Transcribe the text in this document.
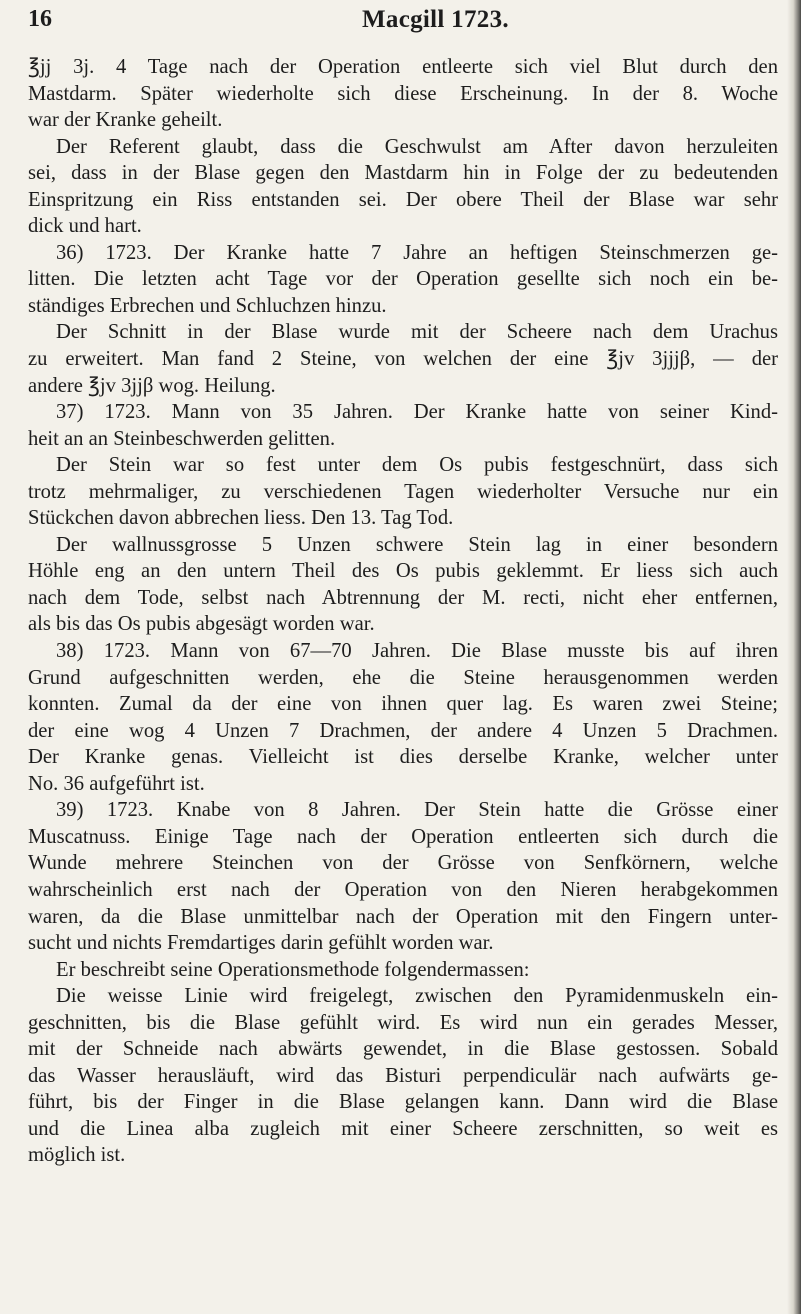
16	Macgill 1723.
℥jj 3j. 4 Tage nach der Operation entleerte sich viel Blut durch den
Mastdarm. Später wiederholte sich diese Erscheinung. In der 8. Woche
war der Kranke geheilt.
Der Referent glaubt, dass die Geschwulst am After davon herzuleiten
sei, dass in der Blase gegen den Mastdarm hin in Folge der zu bedeutenden
Einspritzung ein Riss entstanden sei. Der obere Theil der Blase war sehr
dick und hart.
36) 1723. Der Kranke hatte 7 Jahre an heftigen Steinschmerzen ge-
litten. Die letzten acht Tage vor der Operation gesellte sich noch ein be-
ständiges Erbrechen und Schluchzen hinzu.
Der Schnitt in der Blase wurde mit der Scheere nach dem Urachus
zu erweitert. Man fand 2 Steine, von welchen der eine ℥jv 3jjjβ, — der
andere ℥jv 3jjβ wog. Heilung.
37) 1723. Mann von 35 Jahren. Der Kranke hatte von seiner Kind-
heit an an Steinbeschwerden gelitten.
Der Stein war so fest unter dem Os pubis festgeschnürt, dass sich
trotz mehrmaliger, zu verschiedenen Tagen wiederholter Versuche nur ein
Stückchen davon abbrechen liess. Den 13. Tag Tod.
Der wallnussgrosse 5 Unzen schwere Stein lag in einer besondern
Höhle eng an den untern Theil des Os pubis geklemmt. Er liess sich auch
nach dem Tode, selbst nach Abtrennung der M. recti, nicht eher entfernen,
als bis das Os pubis abgesägt worden war.
38) 1723. Mann von 67—70 Jahren. Die Blase musste bis auf ihren
Grund aufgeschnitten werden, ehe die Steine herausgenommen werden
konnten. Zumal da der eine von ihnen quer lag. Es waren zwei Steine;
der eine wog 4 Unzen 7 Drachmen, der andere 4 Unzen 5 Drachmen.
Der Kranke genas. Vielleicht ist dies derselbe Kranke, welcher unter
No. 36 aufgeführt ist.
39) 1723. Knabe von 8 Jahren. Der Stein hatte die Grösse einer
Muscatnuss. Einige Tage nach der Operation entleerten sich durch die
Wunde mehrere Steinchen von der Grösse von Senfkörnern, welche
wahrscheinlich erst nach der Operation von den Nieren herabgekommen
waren, da die Blase unmittelbar nach der Operation mit den Fingern unter-
sucht und nichts Fremdartiges darin gefühlt worden war.
Er beschreibt seine Operationsmethode folgendermassen:
Die weisse Linie wird freigelegt, zwischen den Pyramidenmuskeln ein-
geschnitten, bis die Blase gefühlt wird. Es wird nun ein gerades Messer,
mit der Schneide nach abwärts gewendet, in die Blase gestossen. Sobald
das Wasser herausläuft, wird das Bisturi perpendiculär nach aufwärts ge-
führt, bis der Finger in die Blase gelangen kann. Dann wird die Blase
und die Linea alba zugleich mit einer Scheere zerschnitten, so weit es
möglich ist.
